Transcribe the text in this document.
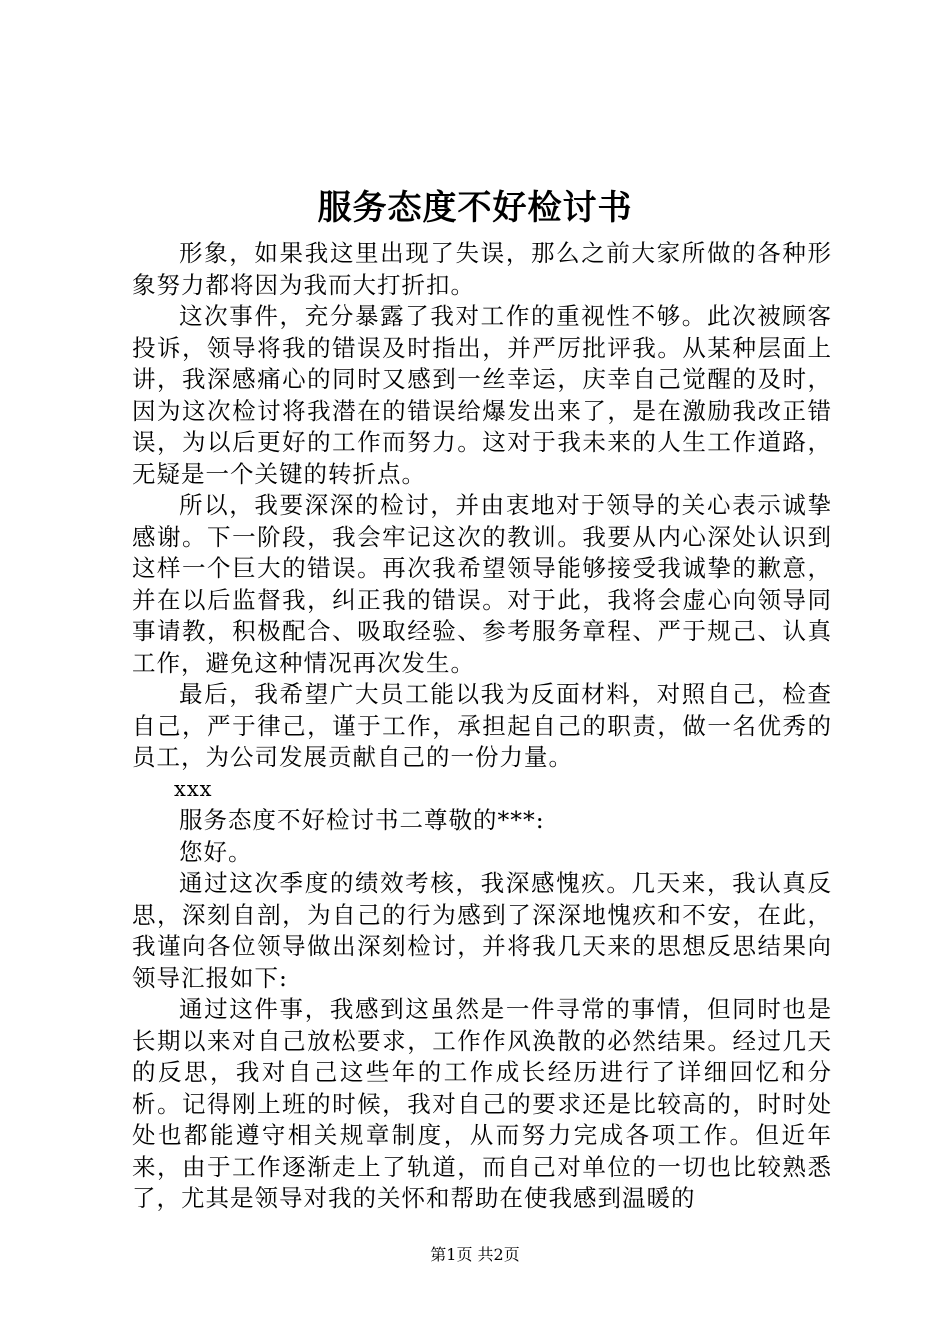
服务态度不好检讨书

形象，如果我这里出现了失误，那么之前大家所做的各种形象努力都将因为我而大打折扣。

这次事件，充分暴露了我对工作的重视性不够。此次被顾客投诉，领导将我的错误及时指出，并严厉批评我。从某种层面上讲，我深感痛心的同时又感到一丝幸运，庆幸自己觉醒的及时，因为这次检讨将我潜在的错误给爆发出来了，是在激励我改正错误，为以后更好的工作而努力。这对于我未来的人生工作道路，无疑是一个关键的转折点。

所以，我要深深的检讨，并由衷地对于领导的关心表示诚挚感谢。下一阶段，我会牢记这次的教训。我要从内心深处认识到这样一个巨大的错误。再次我希望领导能够接受我诚挚的歉意，并在以后监督我，纠正我的错误。对于此，我将会虚心向领导同事请教，积极配合、吸取经验、参考服务章程、严于规己、认真工作，避免这种情况再次发生。

最后，我希望广大员工能以我为反面材料，对照自己，检查自己，严于律己，谨于工作，承担起自己的职责，做一名优秀的员工，为公司发展贡献自己的一份力量。

xxx

服务态度不好检讨书二尊敬的***:

您好。

通过这次季度的绩效考核，我深感愧疚。几天来，我认真反思，深刻自剖，为自己的行为感到了深深地愧疚和不安，在此，我谨向各位领导做出深刻检讨，并将我几天来的思想反思结果向领导汇报如下:

通过这件事，我感到这虽然是一件寻常的事情，但同时也是长期以来对自己放松要求，工作作风涣散的必然结果。经过几天的反思，我对自己这些年的工作成长经历进行了详细回忆和分析。记得刚上班的时候，我对自己的要求还是比较高的，时时处处也都能遵守相关规章制度，从而努力完成各项工作。但近年来，由于工作逐渐走上了轨道，而自己对单位的一切也比较熟悉了，尤其是领导对我的关怀和帮助在使我感到温暖的

第1页 共2页
